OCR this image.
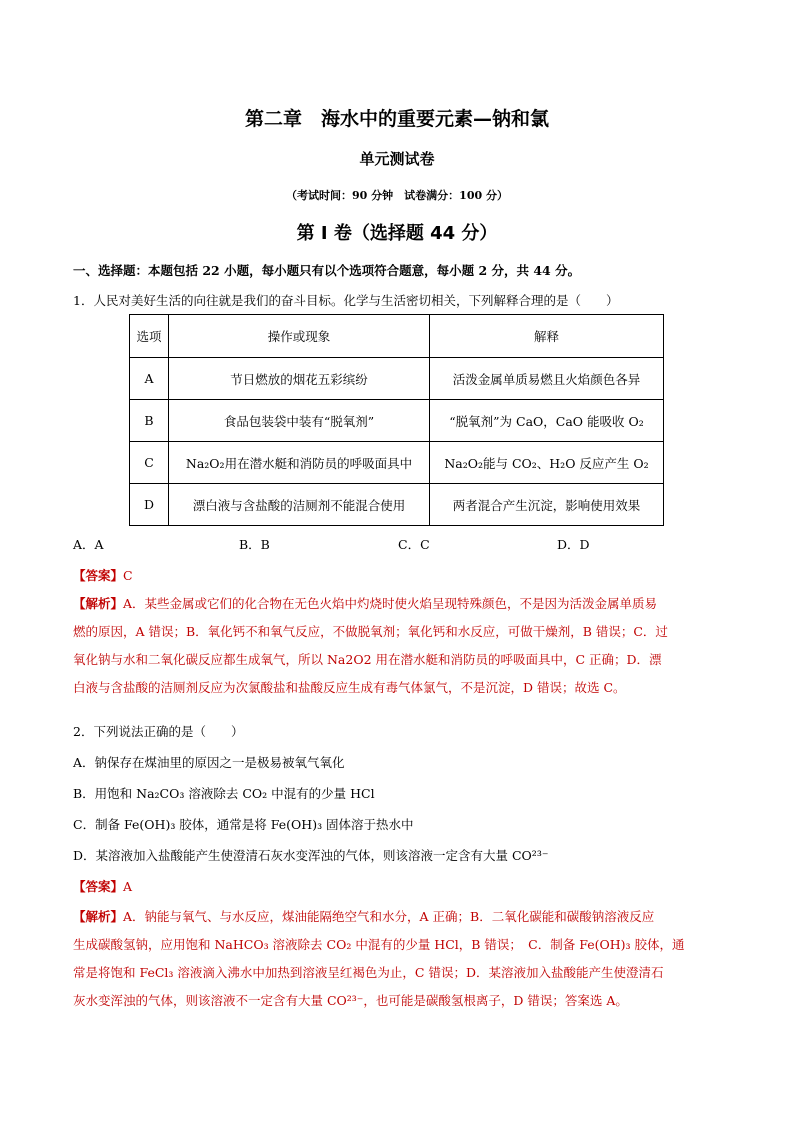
第二章　海水中的重要元素—钠和氯
单元测试卷
（考试时间：90 分钟　试卷满分：100 分）
第 I 卷（选择题 44 分）
一、选择题：本题包括 22 小题，每小题只有以个选项符合题意，每小题 2 分，共 44 分。
1．人民对美好生活的向往就是我们的奋斗目标。化学与生活密切相关，下列解释合理的是（　　）
选项	操作或现象	解释
A	节日燃放的烟花五彩缤纷	活泼金属单质易燃且火焰颜色各异
B	食品包装袋中装有“脱氧剂”	“脱氧剂”为 CaO，CaO 能吸收 O₂
C	Na₂O₂用在潜水艇和消防员的呼吸面具中	Na₂O₂能与 CO₂、H₂O 反应产生 O₂
D	漂白液与含盐酸的洁厕剂不能混合使用	两者混合产生沉淀，影响使用效果
A．A	B．B	C．C	D．D
【答案】C
【解析】A．某些金属或它们的化合物在无色火焰中灼烧时使火焰呈现特殊颜色，不是因为活泼金属单质易
燃的原因，A 错误；B．氧化钙不和氧气反应，不做脱氧剂；氧化钙和水反应，可做干燥剂，B 错误；C．过
氧化钠与水和二氧化碳反应都生成氧气，所以 Na2O2 用在潜水艇和消防员的呼吸面具中，C 正确；D．漂
白液与含盐酸的洁厕剂反应为次氯酸盐和盐酸反应生成有毒气体氯气，不是沉淀，D 错误；故选 C。
2．下列说法正确的是（　　）
A．钠保存在煤油里的原因之一是极易被氧气氧化
B．用饱和 Na₂CO₃ 溶液除去 CO₂ 中混有的少量 HCl
C．制备 Fe(OH)₃ 胶体，通常是将 Fe(OH)₃ 固体溶于热水中
D．某溶液加入盐酸能产生使澄清石灰水变浑浊的气体，则该溶液一定含有大量 CO²³⁻
【答案】A
【解析】A．钠能与氧气、与水反应，煤油能隔绝空气和水分，A 正确；B．二氧化碳能和碳酸钠溶液反应
生成碳酸氢钠，应用饱和 NaHCO₃ 溶液除去 CO₂ 中混有的少量 HCl，B 错误；　C．制备 Fe(OH)₃ 胶体，通
常是将饱和 FeCl₃ 溶液滴入沸水中加热到溶液呈红褐色为止，C 错误；D．某溶液加入盐酸能产生使澄清石
灰水变浑浊的气体，则该溶液不一定含有大量 CO²³⁻，也可能是碳酸氢根离子，D 错误；答案选 A。
